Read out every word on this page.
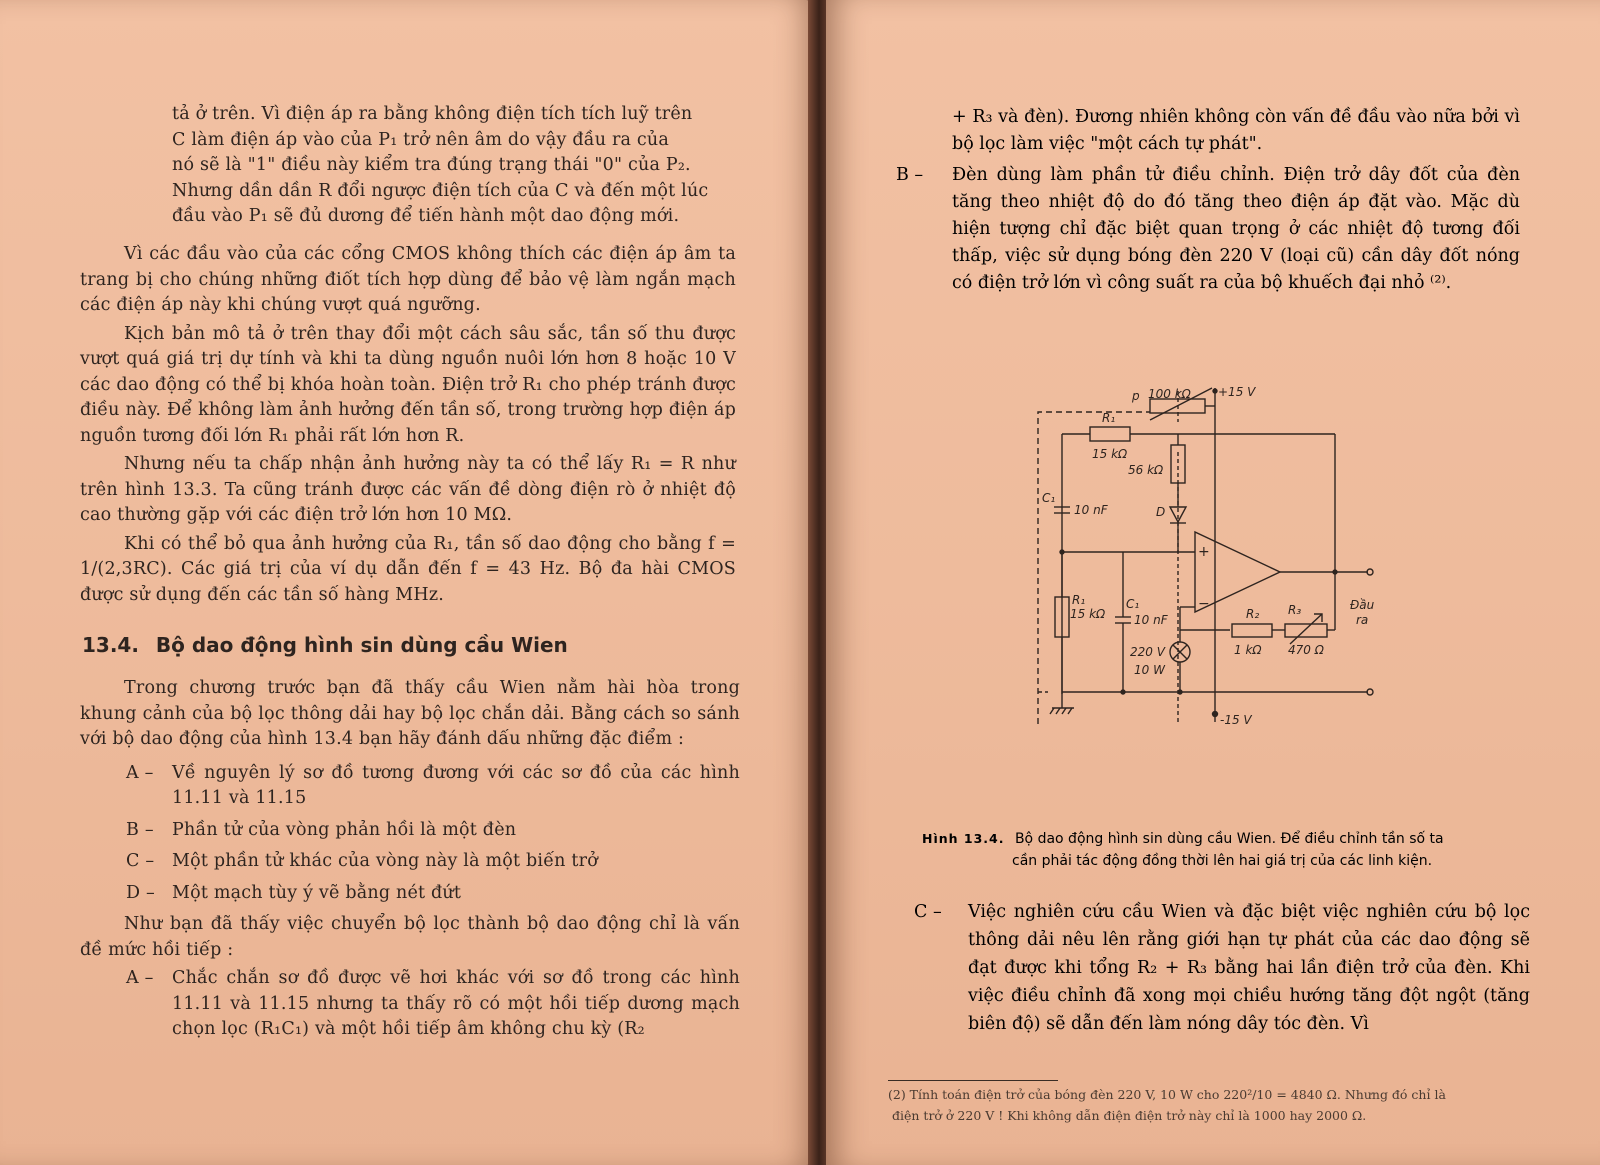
tả ở trên. Vì điện áp ra bằng không điện tích tích luỹ trên
C làm điện áp vào của P₁ trở nên âm do vậy đầu ra của
nó sẽ là "1" điều này kiểm tra đúng trạng thái "0" của P₂.
Nhưng dần dần R đổi ngược điện tích của C và đến một lúc
đầu vào P₁ sẽ đủ dương để tiến hành một dao động mới.

Vì các đầu vào của các cổng CMOS không thích các điện áp âm ta trang bị cho chúng những điốt tích hợp dùng để bảo vệ làm ngắn mạch các điện áp này khi chúng vượt quá ngưỡng.

Kịch bản mô tả ở trên thay đổi một cách sâu sắc, tần số thu được vượt quá giá trị dự tính và khi ta dùng nguồn nuôi lớn hơn 8 hoặc 10 V các dao động có thể bị khóa hoàn toàn. Điện trở R₁ cho phép tránh được điều này. Để không làm ảnh hưởng đến tần số, trong trường hợp điện áp nguồn tương đối lớn R₁ phải rất lớn hơn R.

Nhưng nếu ta chấp nhận ảnh hưởng này ta có thể lấy R₁ = R như trên hình 13.3. Ta cũng tránh được các vấn đề dòng điện rò ở nhiệt độ cao thường gặp với các điện trở lớn hơn 10 MΩ.

Khi có thể bỏ qua ảnh hưởng của R₁, tần số dao động cho bằng f = 1/(2,3RC). Các giá trị của ví dụ dẫn đến f = 43 Hz. Bộ đa hài CMOS được sử dụng đến các tần số hàng MHz.

13.4. Bộ dao động hình sin dùng cầu Wien

Trong chương trước bạn đã thấy cầu Wien nằm hài hòa trong khung cảnh của bộ lọc thông dải hay bộ lọc chắn dải. Bằng cách so sánh với bộ dao động của hình 13.4 bạn hãy đánh dấu những đặc điểm :

A – Về nguyên lý sơ đồ tương đương với các sơ đồ của các hình 11.11 và 11.15
B – Phần tử của vòng phản hồi là một đèn
C – Một phần tử khác của vòng này là một biến trở
D – Một mạch tùy ý vẽ bằng nét đứt

Như bạn đã thấy việc chuyển bộ lọc thành bộ dao động chỉ là vấn đề mức hồi tiếp :

A – Chắc chắn sơ đồ được vẽ hơi khác với sơ đồ trong các hình 11.11 và 11.15 nhưng ta thấy rõ có một hồi tiếp dương mạch chọn lọc (R₁C₁) và một hồi tiếp âm không chu kỳ (R₂
+ R₃ và đèn). Đương nhiên không còn vấn đề đầu vào nữa bởi vì bộ lọc làm việc "một cách tự phát".
B – Đèn dùng làm phần tử điều chỉnh. Điện trở dây đốt của đèn tăng theo nhiệt độ do đó tăng theo điện áp đặt vào. Mặc dù hiện tượng chỉ đặc biệt quan trọng ở các nhiệt độ tương đối thấp, việc sử dụng bóng đèn 220 V (loại cũ) cần dây đốt nóng có điện trở lớn vì công suất ra của bộ khuếch đại nhỏ ⁽²⁾.
p 100 kΩ +15 V
R₁
15 kΩ
56 kΩ
C₁
10 nF	D
+
−
R₁
15 kΩ
C₁
10 nF
220 V
10 W
R₂
1 kΩ
R₃
470 Ω
Đầu
ra
-15 V
Hình 13.4. Bộ dao động hình sin dùng cầu Wien. Để điều chỉnh tần số ta
cần phải tác động đồng thời lên hai giá trị của các linh kiện.
C – Việc nghiên cứu cầu Wien và đặc biệt việc nghiên cứu bộ lọc thông dải nêu lên rằng giới hạn tự phát của các dao động sẽ đạt được khi tổng R₂ + R₃ bằng hai lần điện trở của đèn. Khi việc điều chỉnh đã xong mọi chiều hướng tăng đột ngột (tăng biên độ) sẽ dẫn đến làm nóng dây tóc đèn. Vì
(2) Tính toán điện trở của bóng đèn 220 V, 10 W cho 220²/10 = 4840 Ω. Nhưng đó chỉ là
điện trở ở 220 V ! Khi không dẫn điện điện trở này chỉ là 1000 hay 2000 Ω.
